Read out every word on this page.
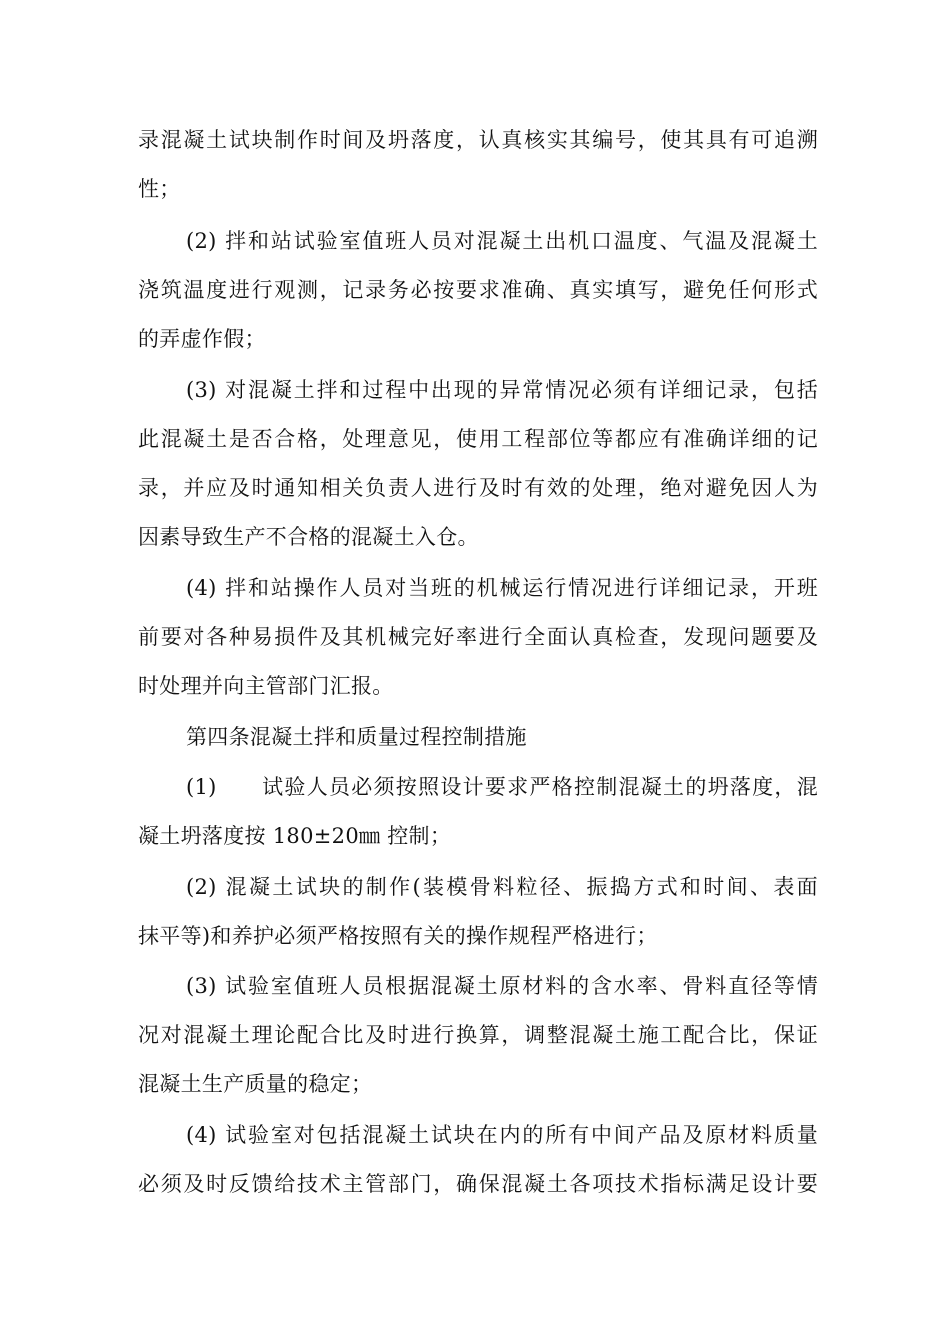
录混凝土试块制作时间及坍落度，认真核实其编号，使其具有可追溯
性；
(2) 拌和站试验室值班人员对混凝土出机口温度、气温及混凝土
浇筑温度进行观测，记录务必按要求准确、真实填写，避免任何形式
的弄虚作假；
(3) 对混凝土拌和过程中出现的异常情况必须有详细记录，包括
此混凝土是否合格，处理意见，使用工程部位等都应有准确详细的记
录，并应及时通知相关负责人进行及时有效的处理，绝对避免因人为
因素导致生产不合格的混凝土入仓。
(4) 拌和站操作人员对当班的机械运行情况进行详细记录，开班
前要对各种易损件及其机械完好率进行全面认真检查，发现问题要及
时处理并向主管部门汇报。
第四条混凝土拌和质量过程控制措施
(1)　　试验人员必须按照设计要求严格控制混凝土的坍落度，混
凝土坍落度按 180±20㎜ 控制；
(2) 混凝土试块的制作(装模骨料粒径、振捣方式和时间、表面
抹平等)和养护必须严格按照有关的操作规程严格进行；
(3) 试验室值班人员根据混凝土原材料的含水率、骨料直径等情
况对混凝土理论配合比及时进行换算，调整混凝土施工配合比，保证
混凝土生产质量的稳定；
(4) 试验室对包括混凝土试块在内的所有中间产品及原材料质量
必须及时反馈给技术主管部门，确保混凝土各项技术指标满足设计要
